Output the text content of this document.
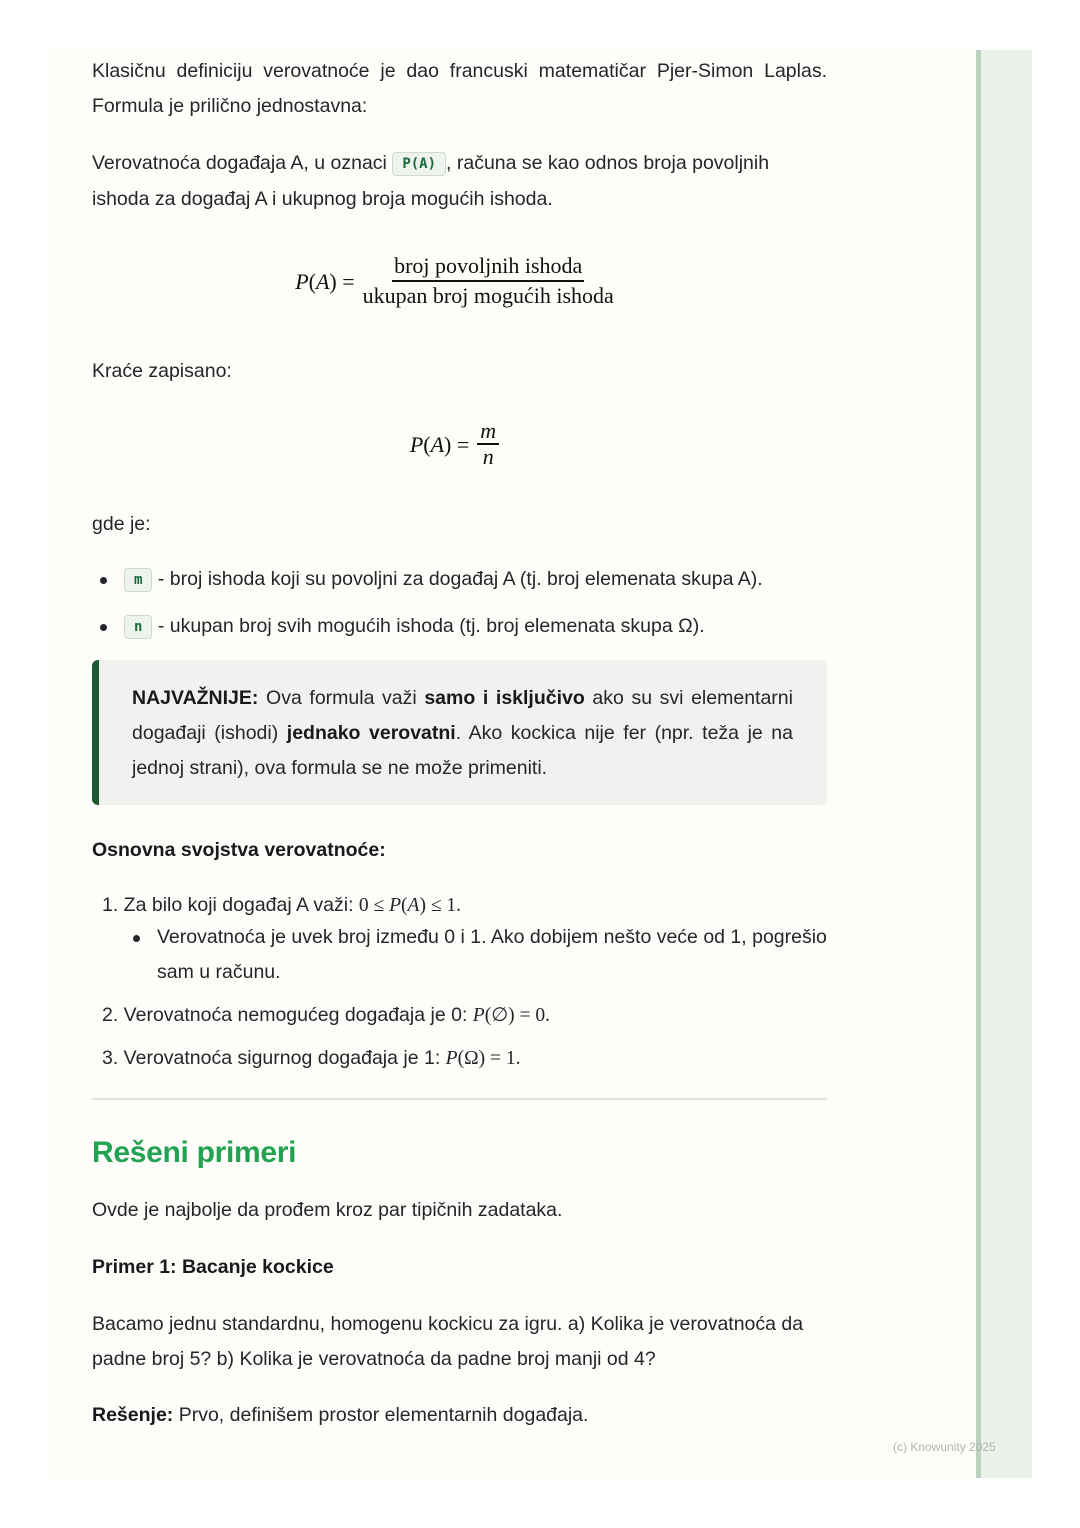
Klasičnu definiciju verovatnoće je dao francuski matematičar Pjer-Simon Laplas. Formula je prilično jednostavna:

Verovatnoća događaja A, u oznaci P(A) , računa se kao odnos broja povoljnih ishoda za događaj A i ukupnog broja mogućih ishoda.

$P(A) = \frac{\text{broj povoljnih ishoda}}{\text{ukupan broj mogućih ishoda}}$

Kraće zapisano:

$P(A) = \frac{m}{n}$

gde je:

m - broj ishoda koji su povoljni za događaj A (tj. broj elemenata skupa A).
n - ukupan broj svih mogućih ishoda (tj. broj elemenata skupa Ω).

NAJVAŽNIJE: Ova formula važi samo i isključivo ako su svi elementarni događaji (ishodi) jednako verovatni. Ako kockica nije fer (npr. teža je na jednoj strani), ova formula se ne može primeniti.

Osnovna svojstva verovatnoće:

1. Za bilo koji događaj A važi: 0 ≤ P(A) ≤ 1.
Verovatnoća je uvek broj između 0 i 1. Ako dobijem nešto veće od 1, pogrešio sam u računu.
2. Verovatnoća nemogućeg događaja je 0: P(∅) = 0.
3. Verovatnoća sigurnog događaja je 1: P(Ω) = 1.
Rešeni primeri

Ovde je najbolje da prođem kroz par tipičnih zadataka.

Primer 1: Bacanje kockice

Bacamo jednu standardnu, homogenu kockicu za igru. a) Kolika je verovatnoća da padne broj 5? b) Kolika je verovatnoća da padne broj manji od 4?

Rešenje: Prvo, definišem prostor elementarnih događaja.

(c) Knowunity 2025
